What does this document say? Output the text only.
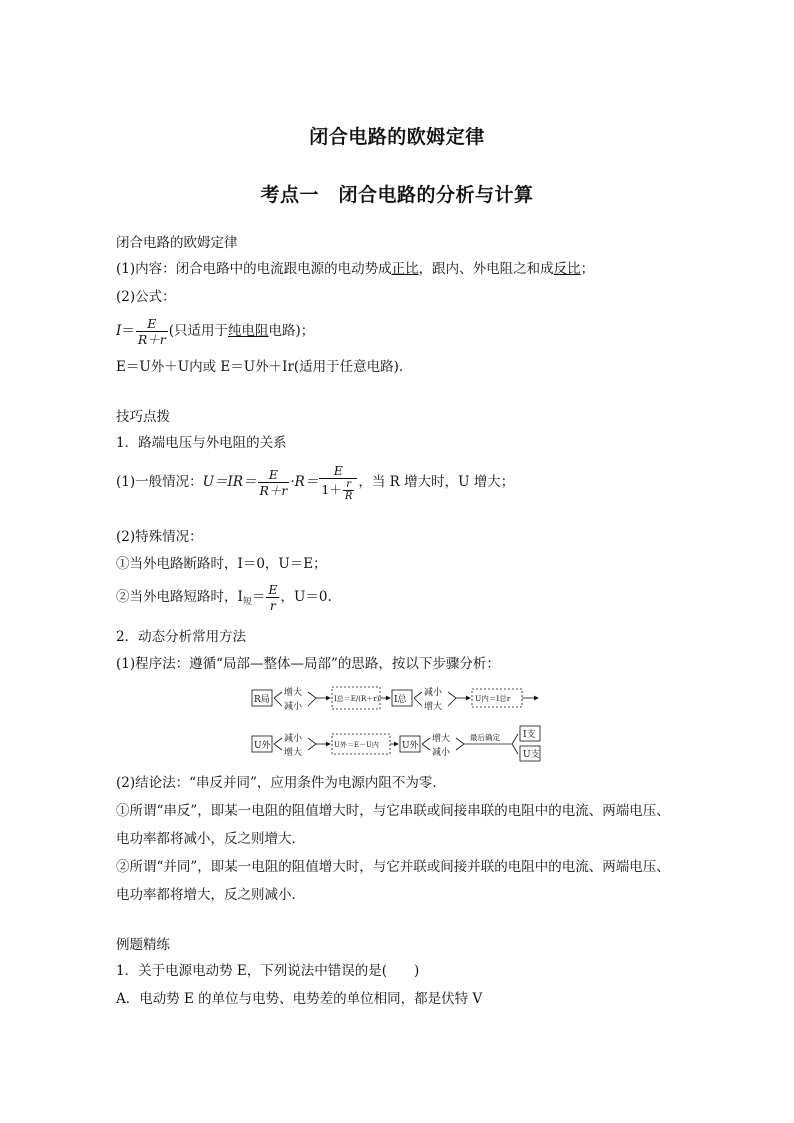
闭合电路的欧姆定律
考点一　闭合电路的分析与计算
闭合电路的欧姆定律
(1)内容：闭合电路中的电流跟电源的电动势成正比，跟内、外电阻之和成反比；
(2)公式：
$I= \frac{E}{R+r}$ (只适用于纯电阻电路)；
E＝U外＋U内或 E＝U外＋Ir(适用于任意电路)．
技巧点拨
1．路端电压与外电阻的关系
(1)一般情况：$U=IR= \frac{E}{R+r} \cdot R= \frac{E}{1+ \frac{r}{R}}$ ，当 R 增大时，U 增大；
(2)特殊情况：
①当外电路断路时，I＝0，U＝E；
②当外电路短路时，$I_短= \frac{E}{r}$ ，U＝0.
2．动态分析常用方法
(1)程序法：遵循“局部—整体—局部”的思路，按以下步骤分析：
R局
增大
减小
I总＝E/(R＋r) I总
减小
增大
U内＝I总r
U外
减小
增大
U外＝E－U内	U外
增大
减小
最后确定	I支
U支
(2)结论法：“串反并同”，应用条件为电源内阻不为零．
①所谓“串反”，即某一电阻的阻值增大时，与它串联或间接串联的电阻中的电流、两端电压、
电功率都将减小，反之则增大．
②所谓“并同”，即某一电阻的阻值增大时，与它并联或间接并联的电阻中的电流、两端电压、
电功率都将增大，反之则减小．
例题精练
1．关于电源电动势 E，下列说法中错误的是(　　)
A．电动势 E 的单位与电势、电势差的单位相同，都是伏特 V
